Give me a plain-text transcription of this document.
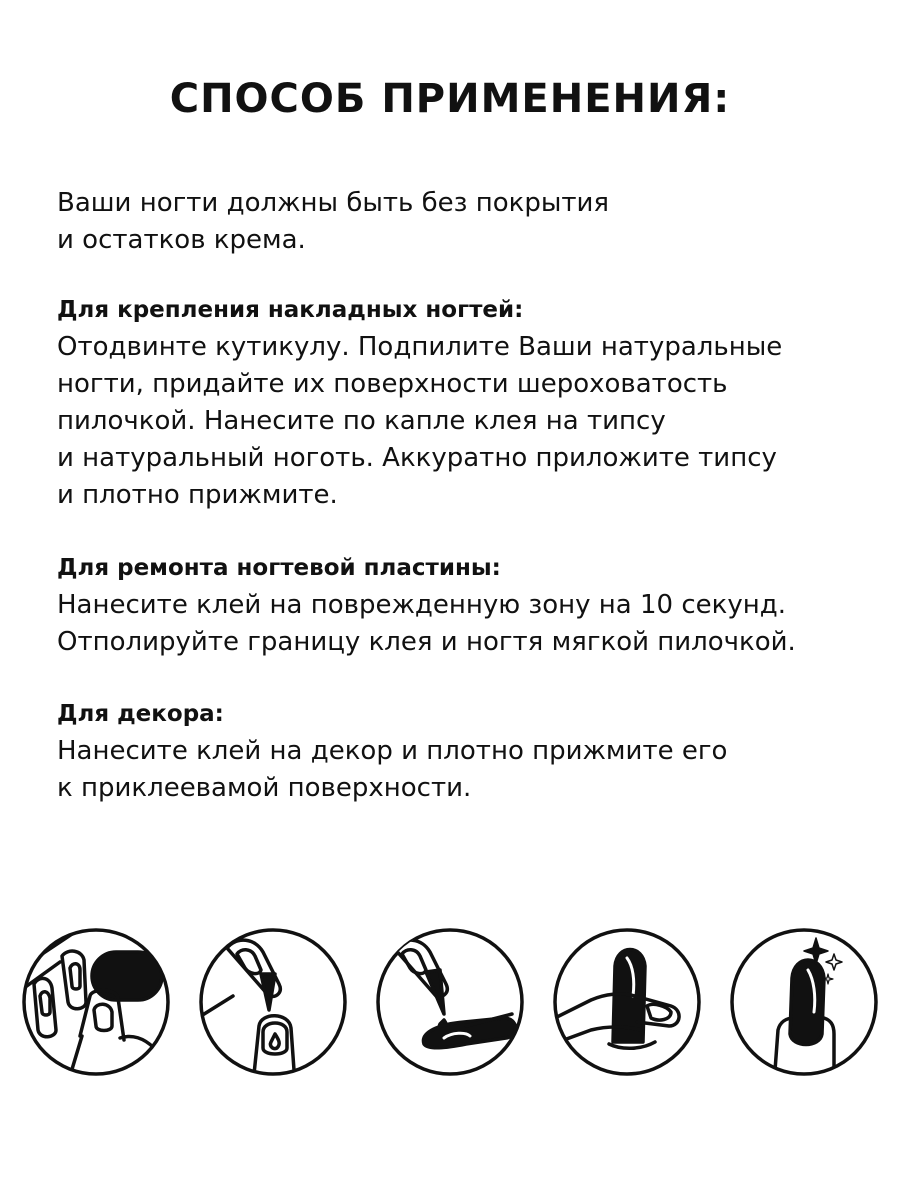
СПОСОБ ПРИМЕНЕНИЯ:

Ваши ногти должны быть без покрытия

и остатков крема.

Для крепления накладных ногтей:

Отодвинте кутикулу. Подпилите Ваши натуральные

ногти, придайте их поверхности шероховатость

пилочкой. Нанесите по капле клея на типсу

и натуральный ноготь. Аккуратно приложите типсу

и плотно прижмите.

Для ремонта ногтевой пластины:

Нанесите клей на поврежденную зону на 10 секунд.

Отполируйте границу клея и ногтя мягкой пилочкой.

Для декора:

Нанесите клей на декор и плотно прижмите его

к приклеевамой поверхности.
